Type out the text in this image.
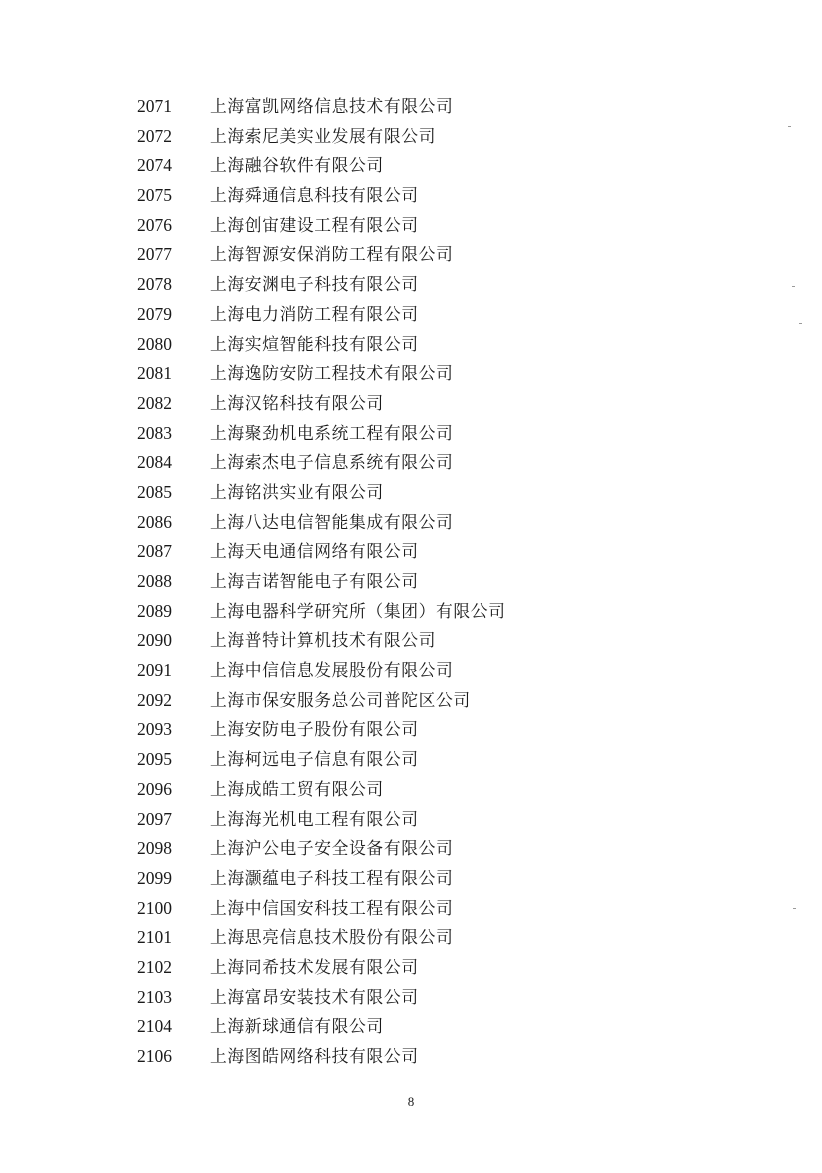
2071	上海富凯网络信息技术有限公司
2072	上海索尼美实业发展有限公司
2074	上海融谷软件有限公司
2075	上海舜通信息科技有限公司
2076	上海创宙建设工程有限公司
2077	上海智源安保消防工程有限公司
2078	上海安渊电子科技有限公司
2079	上海电力消防工程有限公司
2080	上海实煊智能科技有限公司
2081	上海逸防安防工程技术有限公司
2082	上海汉铭科技有限公司
2083	上海聚劲机电系统工程有限公司
2084	上海索杰电子信息系统有限公司
2085	上海铭洪实业有限公司
2086	上海八达电信智能集成有限公司
2087	上海天电通信网络有限公司
2088	上海吉诺智能电子有限公司
2089	上海电器科学研究所（集团）有限公司
2090	上海普特计算机技术有限公司
2091	上海中信信息发展股份有限公司
2092	上海市保安服务总公司普陀区公司
2093	上海安防电子股份有限公司
2095	上海柯远电子信息有限公司
2096	上海成皓工贸有限公司
2097	上海海光机电工程有限公司
2098	上海沪公电子安全设备有限公司
2099	上海灏蕴电子科技工程有限公司
2100	上海中信国安科技工程有限公司
2101	上海思亮信息技术股份有限公司
2102	上海同希技术发展有限公司
2103	上海富昂安装技术有限公司
2104	上海新球通信有限公司
2106	上海图皓网络科技有限公司
8
